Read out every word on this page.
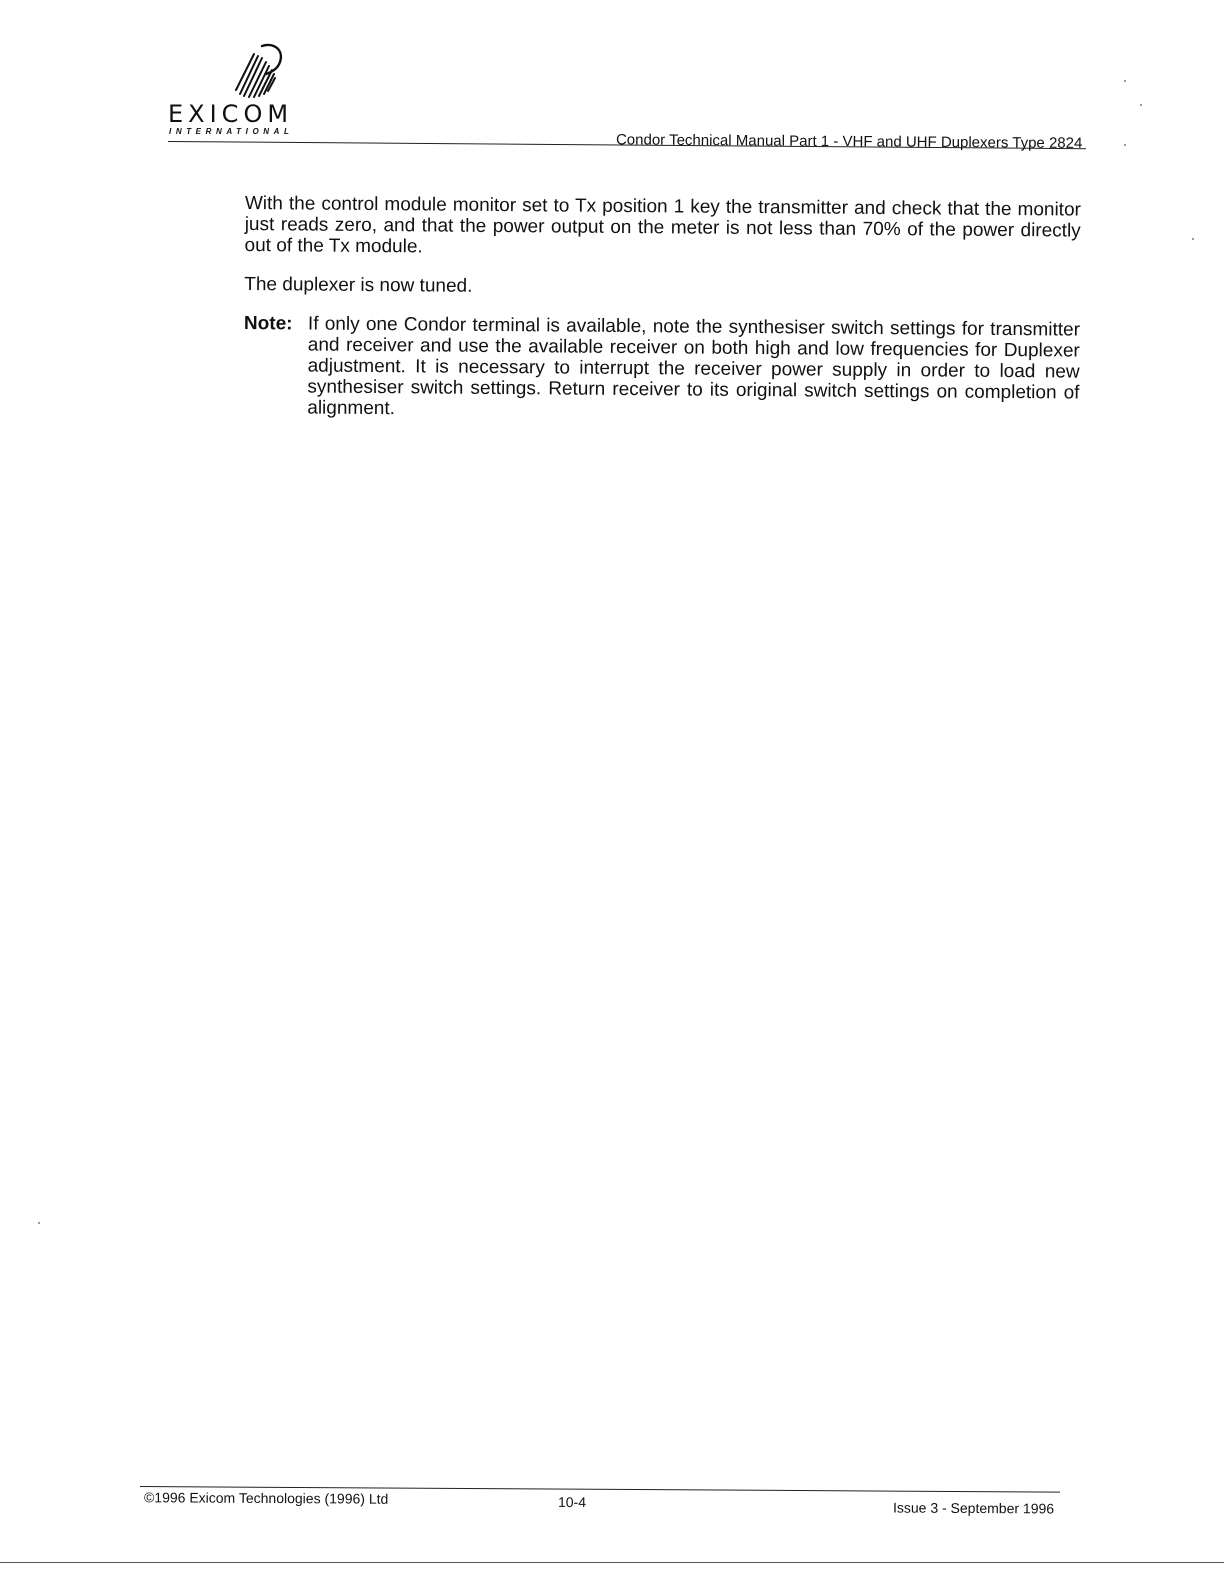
EXICOM
INTERNATIONAL	Condor Technical Manual Part 1 - VHF and UHF Duplexers Type 2824

With the control module monitor set to Tx position 1 key the transmitter and check that the monitor just reads zero, and that the power output on the meter is not less than 70% of the power directly out of the Tx module.

The duplexer is now tuned.

Note: If only one Condor terminal is available, note the synthesiser switch settings for transmitter and receiver and use the available receiver on both high and low frequencies for Duplexer adjustment. It is necessary to interrupt the receiver power supply in order to load new synthesiser switch settings. Return receiver to its original switch settings on completion of alignment.
©1996 Exicom Technologies (1996) Ltd	10-4	Issue 3 - September 1996
